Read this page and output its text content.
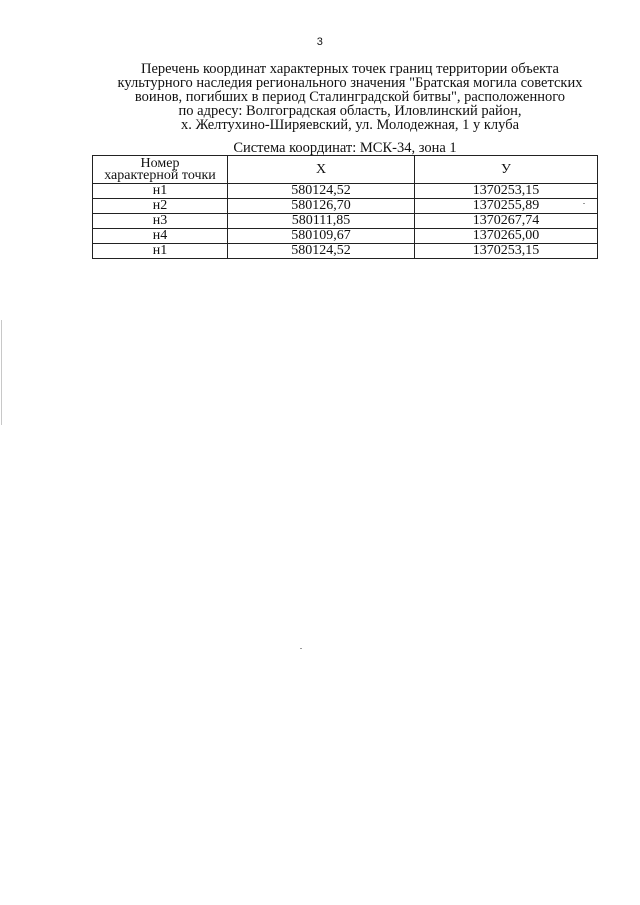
3
Перечень координат характерных точек границ территории объекта
культурного наследия регионального значения "Братская могила советских
воинов, погибших в период Сталинградской битвы", расположенного
по адресу: Волгоградская область, Иловлинский район,
х. Желтухино-Ширяевский, ул. Молодежная, 1 у клуба
Система координат: МСК-34, зона 1
Номер
характерной точки	X	У
н1	580124,52	1370253,15
н2	580126,70	1370255,89
н3	580111,85	1370267,74
н4	580109,67	1370265,00
н1	580124,52	1370253,15
